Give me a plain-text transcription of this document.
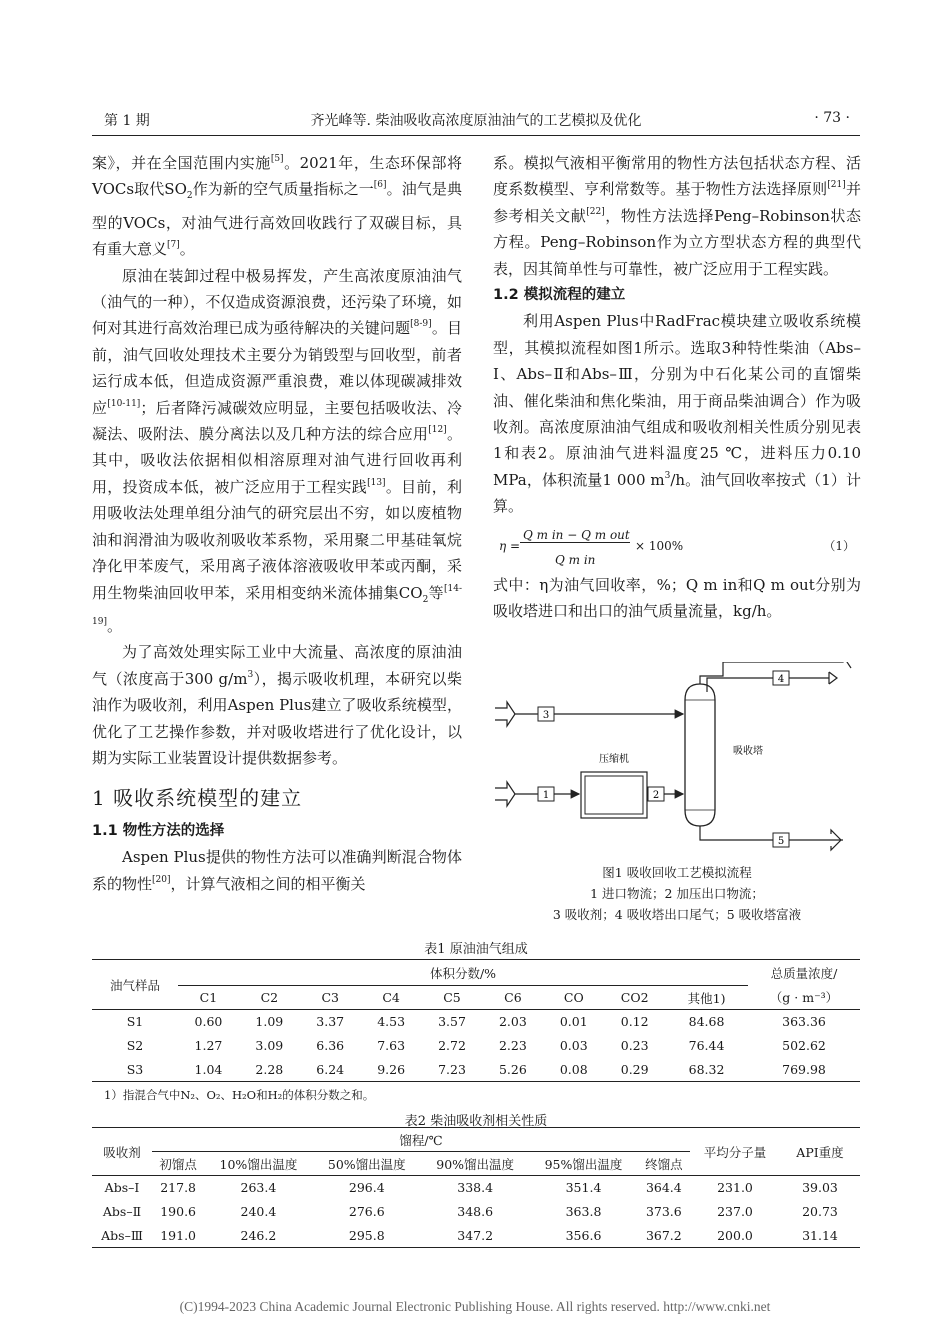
第 1 期	齐光峰等. 柴油吸收高浓度原油油气的工艺模拟及优化	· 73 ·
案》，并在全国范围内实施[5]。2021年，生态环保部将VOCs取代$SO_2$作为新的空气质量指标之一[6]。油气是典型的VOCs，对油气进行高效回收践行了双碳目标，具有重大意义[7]。
原油在装卸过程中极易挥发，产生高浓度原油油气（油气的一种），不仅造成资源浪费，还污染了环境，如何对其进行高效治理已成为亟待解决的关键问题[8-9]。目前，油气回收处理技术主要分为销毁型与回收型，前者运行成本低，但造成资源严重浪费，难以体现碳减排效应[10-11]；后者降污减碳效应明显，主要包括吸收法、冷凝法、吸附法、膜分离法以及几种方法的综合应用[12]。其中，吸收法依据相似相溶原理对油气进行回收再利用，投资成本低，被广泛应用于工程实践[13]。目前，利用吸收法处理单组分油气的研究层出不穷，如以废植物油和润滑油为吸收剂吸收苯系物，采用聚二甲基硅氧烷净化甲苯废气，采用离子液体溶液吸收甲苯或丙酮，采用生物柴油回收甲苯，采用相变纳米流体捕集$CO_2$等[14-19]。
为了高效处理实际工业中大流量、高浓度的原油油气（浓度高于300 $g/m^3$），揭示吸收机理，本研究以柴油作为吸收剂，利用Aspen Plus建立了吸收系统模型，优化了工艺操作参数，并对吸收塔进行了优化设计，以期为实际工业装置设计提供数据参考。
1 吸收系统模型的建立
1.1 物性方法的选择
Aspen Plus提供的物性方法可以准确判断混合物体系的物性[20]，计算气液相之间的相平衡关
系。模拟气液相平衡常用的物性方法包括状态方程、活度系数模型、亨利常数等。基于物性方法选择原则[21]并参考相关文献[22]，物性方法选择Peng–Robinson状态方程。Peng–Robinson作为立方型状态方程的典型代表，因其简单性与可靠性，被广泛应用于工程实践。
1.2 模拟流程的建立
利用Aspen Plus中RadFrac模块建立吸收系统模型，其模拟流程如图1所示。选取3种特性柴油（Abs–Ⅰ、Abs–Ⅱ和Abs–Ⅲ，分别为中石化某公司的直馏柴油、催化柴油和焦化柴油，用于商品柴油调合）作为吸收剂。高浓度原油油气组成和吸收剂相关性质分别见表1和表2。原油油气进料温度25 ℃，进料压力0.10 MPa，体积流量1 000 $m^3/h$。油气回收率按式（1）计算。
η =
Q m in − Q m out
Q m in
× 100%	（1）
式中：η为油气回收率，%；Q m in和Q m out分别为吸收塔进口和出口的油气质量流量，kg/h。
3
1
压缩机
2
吸收塔
5
4
图1 吸收回收工艺模拟流程
1 进口物流；2 加压出口物流；
3 吸收剂；4 吸收塔出口尾气；5 吸收塔富液
表1 原油油气组成
油气样品	体积分数/%									总质量浓度/
	C1	C2	C3	C4	C5	C6	CO	CO2	其他1)	（g · m⁻³）
S1	0.60	1.09	3.37	4.53	3.57	2.03	0.01	0.12	84.68	363.36
S2	1.27	3.09	6.36	7.63	2.72	2.23	0.03	0.23	76.44	502.62
S3	1.04	2.28	6.24	9.26	7.23	5.26	0.08	0.29	68.32	769.98
1）指混合气中N₂、O₂、H₂O和H₂的体积分数之和。
表2 柴油吸收剂相关性质
吸收剂	馏程/℃						平均分子量	API重度
	初馏点	10%馏出温度	50%馏出温度	90%馏出温度	95%馏出温度	终馏点		
Abs–Ⅰ	217.8	263.4	296.4	338.4	351.4	364.4	231.0	39.03
Abs–Ⅱ	190.6	240.4	276.6	348.6	363.8	373.6	237.0	20.73
Abs–Ⅲ	191.0	246.2	295.8	347.2	356.6	367.2	200.0	31.14
(C)1994-2023 China Academic Journal Electronic Publishing House. All rights reserved. http://www.cnki.net
